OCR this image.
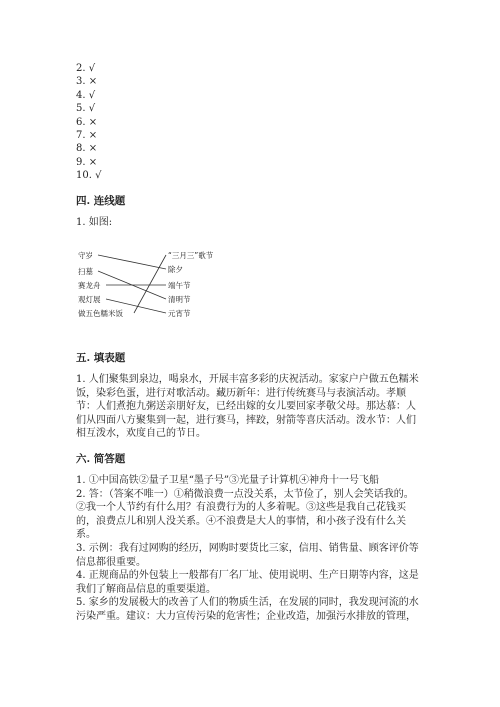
2. √
3. ×
4. √
5. √
6. ×
7. ×
8. ×
9. ×
10. √
四. 连线题

1. 如图:

守岁
扫墓
赛龙舟
观灯展
做五色糯米饭
“三月三”歌节
除夕
端午节
清明节
元宵节
五. 填表题

1. 人们聚集到泉边，喝泉水，开展丰富多彩的庆祝活动。家家户户做五色糯米
饭，染彩色蛋，进行对歌活动。藏历新年：进行传统赛马与表演活动。孝顺
节：人们煮抱九粥送亲朋好友，已经出嫁的女儿要回家孝敬父母。那达慕：人
们从四面八方聚集到一起，进行赛马，摔跤，射箭等喜庆活动。泼水节：人们
相互泼水，欢度自己的节日。

六. 简答题

1. ①中国高铁②量子卫星“墨子号”③光量子计算机④神舟十一号飞船
2. 答：（答案不唯一）①稍微浪费一点没关系，太节俭了，别人会笑话我的。
②我一个人节约有什么用？有浪费行为的人多着呢。③这些是我自己花钱买
的，浪费点儿和别人没关系。④不浪费是大人的事情，和小孩子没有什么关
系。
3. 示例：我有过网购的经历，网购时要货比三家，信用、销售量、顾客评价等
信息都很重要。
4. 正规商品的外包装上一般都有厂名厂址、使用说明、生产日期等内容，这是
我们了解商品信息的重要渠道。
5. 家乡的发展极大的改善了人们的物质生活，在发展的同时，我发现河流的水
污染严重。建议：大力宣传污染的危害性；企业改造，加强污水排放的管理，
